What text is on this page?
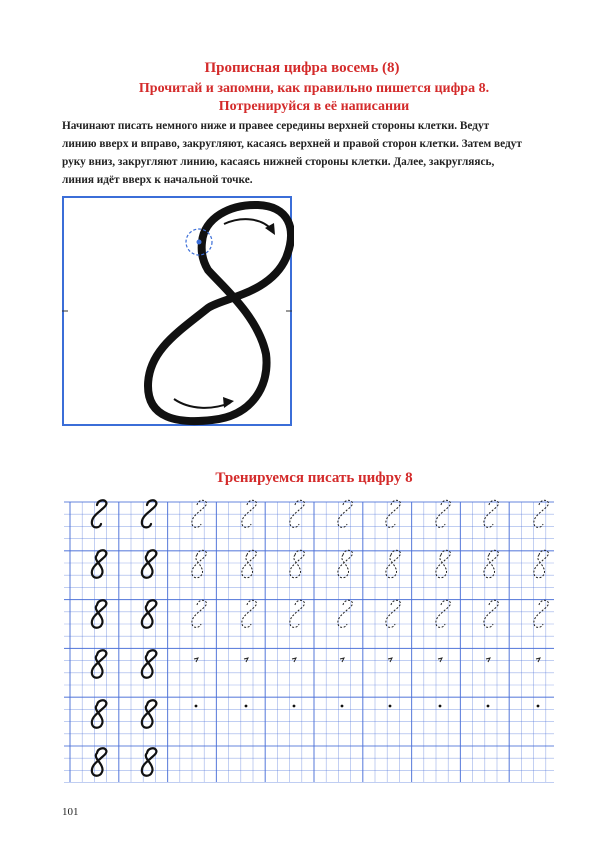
Прописная цифра восемь (8)
Прочитай и запомни, как правильно пишется цифра 8.
Потренируйся в её написании
Начинают писать немного ниже и правее середины верхней стороны клетки. Ведут
линию вверх и вправо, закругляют, касаясь верхней и правой сторон клетки. Затем ведут
руку вниз, закругляют линию, касаясь нижней стороны клетки. Далее, закругляясь,
линия идёт вверх к начальной точке.
Тренируемся писать цифру 8
101
